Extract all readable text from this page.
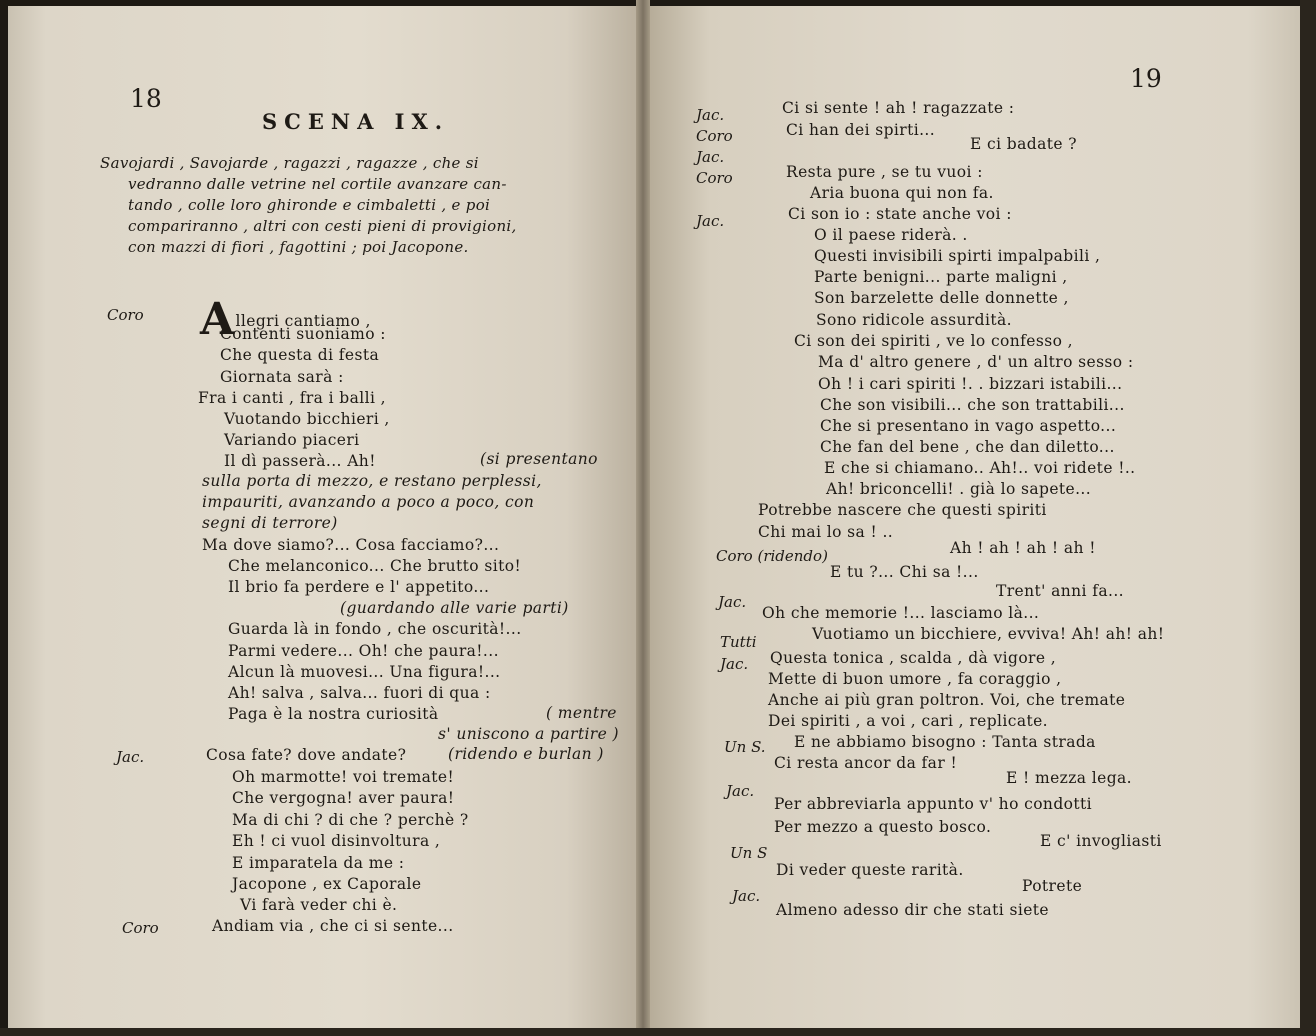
18
SCENA IX.
Savojardi , Savojarde , ragazzi , ragazze , che si
vedranno dalle vetrine nel cortile avanzare can-
tando , colle loro ghironde e cimbaletti , e poi
compariranno , altri con cesti pieni di provigioni,
con mazzi di fiori , fagottini ; poi Jacopone.
Coro Allegri cantiamo ,
Contenti suoniamo :
Che questa di festa
Giornata sarà :
Fra i canti , fra i balli ,
Vuotando bicchieri ,
Variando piaceri
Il dì passerà... Ah!	(si presentano
sulla porta di mezzo, e restano perplessi,
impauriti, avanzando a poco a poco, con
segni di terrore)
Ma dove siamo?... Cosa facciamo?...
Che melanconico... Che brutto sito!
Il brio fa perdere e l' appetito...
(guardando alle varie parti)
Guarda là in fondo , che oscurità!...
Parmi vedere... Oh! che paura!...
Alcun là muovesi... Una figura!...
Ah! salva , salva... fuori di qua :
Paga è la nostra curiosità	( mentre
s' uniscono a partire )
Jac.	Cosa fate? dove andate?	(ridendo e burlan )
Oh marmotte! voi tremate!
Che vergogna! aver paura!
Ma di chi ? di che ? perchè ?
Eh ! ci vuol disinvoltura ,
E imparatela da me :
Jacopone , ex Caporale
Vi farà veder chi è.
Coro	Andiam via , che ci si sente...
19
Jac.	Ci si sente ! ah ! ragazzate :
Coro	Ci han dei spirti...
E ci badate ?
Jac.
Coro	Resta pure , se tu vuoi :
Aria buona qui non fa.
Jac.	Ci son io : state anche voi :
O il paese riderà. .
Questi invisibili spirti impalpabili ,
Parte benigni... parte maligni ,
Son barzelette delle donnette ,
Sono ridicole assurdità.
Ci son dei spiriti , ve lo confesso ,
Ma d' altro genere , d' un altro sesso :
Oh ! i cari spiriti !. . bizzari istabili...
Che son visibili... che son trattabili...
Che si presentano in vago aspetto...
Che fan del bene , che dan diletto...
E che si chiamano.. Ah!.. voi ridete !..
Ah! briconcelli! . già lo sapete...
Potrebbe nascere che questi spiriti
Chi mai lo sa ! ..
Coro (ridendo)	Ah ! ah ! ah ! ah !
E tu ?... Chi sa !...
Trent' anni fa...
Jac.
Oh che memorie !... lasciamo là...
Tutti	Vuotiamo un bicchiere, evviva! Ah! ah! ah!
Jac. Questa tonica , scalda , dà vigore ,
Mette di buon umore , fa coraggio ,
Anche ai più gran poltron. Voi, che tremate
Dei spiriti , a voi , cari , replicate.
Un S. E ne abbiamo bisogno : Tanta strada
Ci resta ancor da far !
E ! mezza lega.
Jac.
Per abbreviarla appunto v' ho condotti
Per mezzo a questo bosco.
E c' invogliasti
Un S
Di veder queste rarità.
Potrete
Jac.
Almeno adesso dir che stati siete
